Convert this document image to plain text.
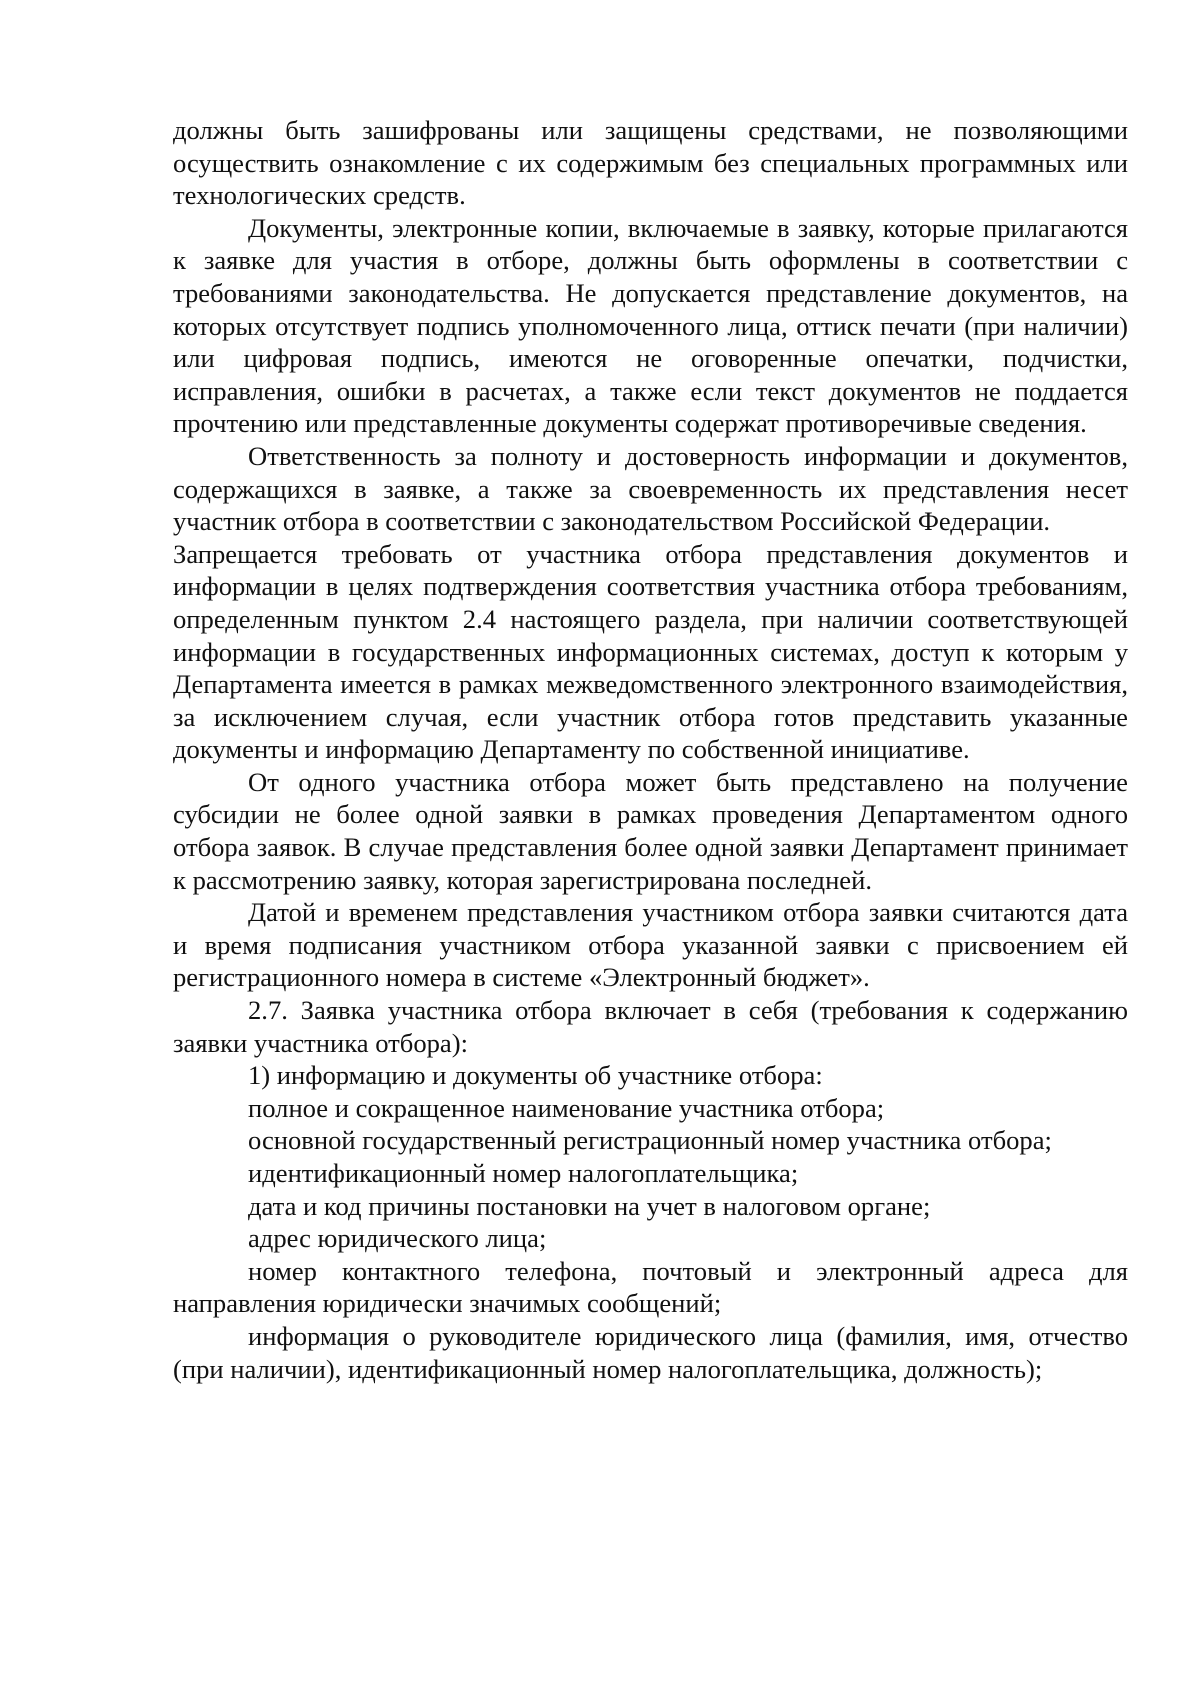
должны быть зашифрованы или защищены средствами, не позволяющими осуществить ознакомление с их содержимым без специальных программных или технологических средств.

Документы, электронные копии, включаемые в заявку, которые прилагаются к заявке для участия в отборе, должны быть оформлены в соответствии с требованиями законодательства. Не допускается представление документов, на которых отсутствует подпись уполномоченного лица, оттиск печати (при наличии) или цифровая подпись, имеются не оговоренные опечатки, подчистки, исправления, ошибки в расчетах, а также если текст документов не поддается прочтению или представленные документы содержат противоречивые сведения.

Ответственность за полноту и достоверность информации и документов, содержащихся в заявке, а также за своевременность их представления несет участник отбора в соответствии с законодательством Российской Федерации.

Запрещается требовать от участника отбора представления документов и информации в целях подтверждения соответствия участника отбора требованиям, определенным пунктом 2.4 настоящего раздела, при наличии соответствующей информации в государственных информационных системах, доступ к которым у Департамента имеется в рамках межведомственного электронного взаимодействия, за исключением случая, если участник отбора готов представить указанные документы и информацию Департаменту по собственной инициативе.

От одного участника отбора может быть представлено на получение субсидии не более одной заявки в рамках проведения Департаментом одного отбора заявок. В случае представления более одной заявки Департамент принимает к рассмотрению заявку, которая зарегистрирована последней.

Датой и временем представления участником отбора заявки считаются дата и время подписания участником отбора указанной заявки с присвоением ей регистрационного номера в системе «Электронный бюджет».

2.7. Заявка участника отбора включает в себя (требования к содержанию заявки участника отбора):

1) информацию и документы об участнике отбора:

полное и сокращенное наименование участника отбора;

основной государственный регистрационный номер участника отбора;

идентификационный номер налогоплательщика;

дата и код причины постановки на учет в налоговом органе;

адрес юридического лица;

номер контактного телефона, почтовый и электронный адреса для направления юридически значимых сообщений;

информация о руководителе юридического лица (фамилия, имя, отчество (при наличии), идентификационный номер налогоплательщика, должность);
